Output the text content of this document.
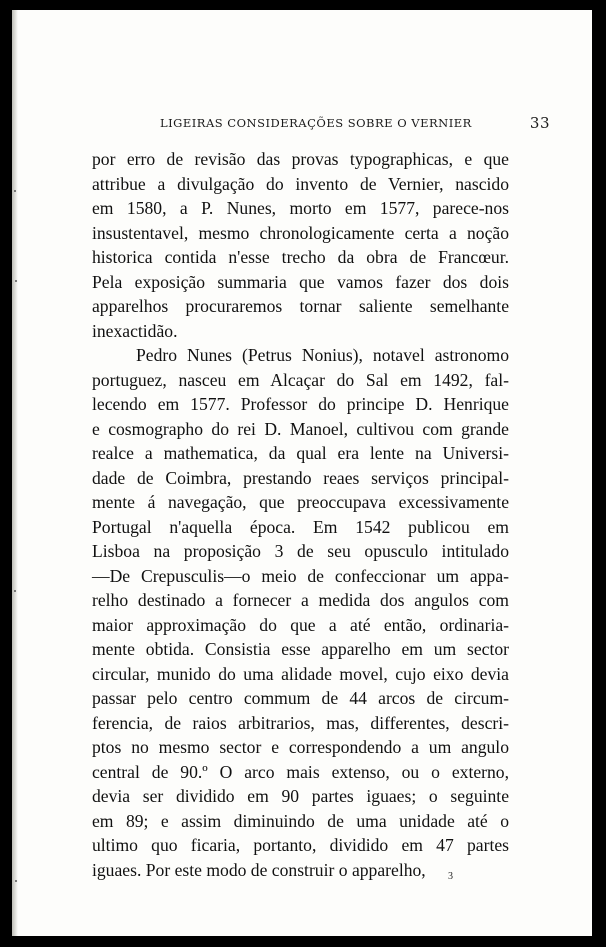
LIGEIRAS CONSIDERAÇÕES SOBRE O VERNIER	33
por erro de revisão das provas typographicas, e que
attribue a divulgação do invento de Vernier, nascido
em 1580, a P. Nunes, morto em 1577, parece-nos
insustentavel, mesmo chronologicamente certa a noção
historica contida n'esse trecho da obra de Francœur.
Pela exposição summaria que vamos fazer dos dois
apparelhos procuraremos tornar saliente semelhante
inexactidão.
Pedro Nunes (Petrus Nonius), notavel astronomo
portuguez, nasceu em Alcaçar do Sal em 1492, fal-
lecendo em 1577. Professor do principe D. Henrique
e cosmographo do rei D. Manoel, cultivou com grande
realce a mathematica, da qual era lente na Universi-
dade de Coimbra, prestando reaes serviços principal-
mente á navegação, que preoccupava excessivamente
Portugal n'aquella época. Em 1542 publicou em
Lisboa na proposição 3 de seu opusculo intitulado
—De Crepusculis—o meio de confeccionar um appa-
relho destinado a fornecer a medida dos angulos com
maior approximação do que a até então, ordinaria-
mente obtida. Consistia esse apparelho em um sector
circular, munido do uma alidade movel, cujo eixo devia
passar pelo centro commum de 44 arcos de circum-
ferencia, de raios arbitrarios, mas, differentes, descri-
ptos no mesmo sector e correspondendo a um angulo
central de 90.º O arco mais extenso, ou o externo,
devia ser dividido em 90 partes iguaes; o seguinte
em 89; e assim diminuindo de uma unidade até o
ultimo quo ficaria, portanto, dividido em 47 partes
iguaes. Por este modo de construir o apparelho,	3
